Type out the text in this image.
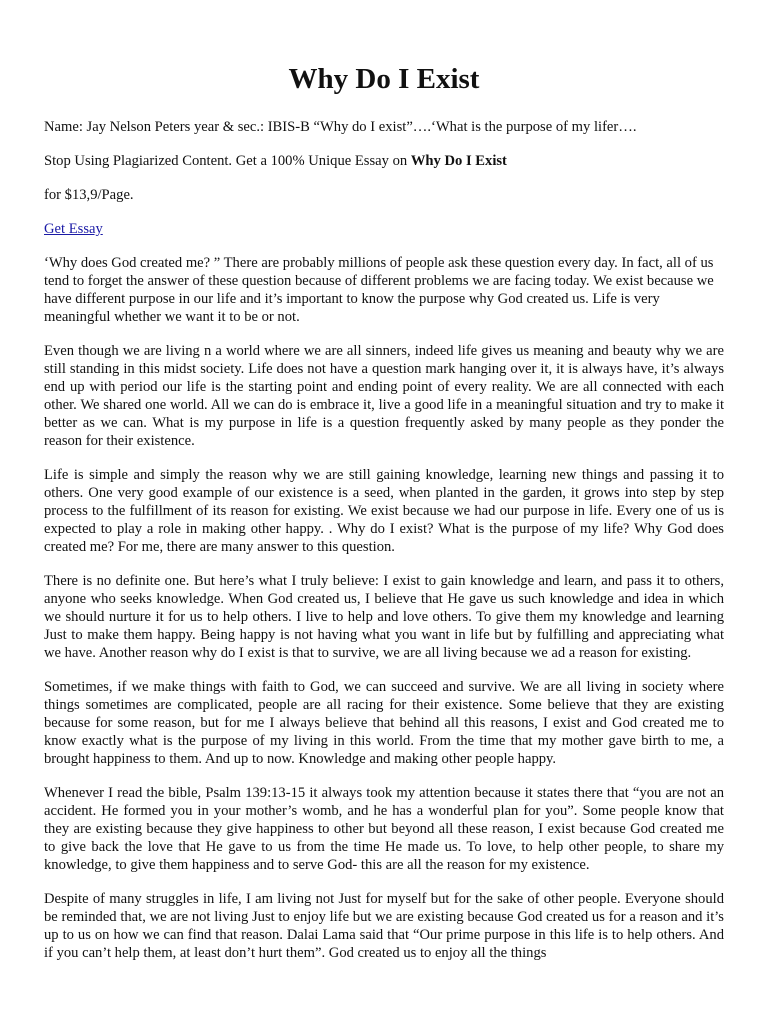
Why Do I Exist

Name: Jay Nelson Peters year & sec.: IBIS-B “Why do I exist”….‘What is the purpose of my lifer….

Stop Using Plagiarized Content. Get a 100% Unique Essay on Why Do I Exist

for $13,9/Page.

Get Essay

‘Why does God created me? ” There are probably millions of people ask these question every day. In fact, all of us tend to forget the answer of these question because of different problems we are facing today. We exist because we have different purpose in our life and it’s important to know the purpose why God created us. Life is very meaningful whether we want it to be or not.

Even though we are living n a world where we are all sinners, indeed life gives us meaning and beauty why we are still standing in this midst society. Life does not have a question mark hanging over it, it is always have, it’s always end up with period our life is the starting point and ending point of every reality. We are all connected with each other. We shared one world. All we can do is embrace it, live a good life in a meaningful situation and try to make it better as we can. What is my purpose in life is a question frequently asked by many people as they ponder the reason for their existence.

Life is simple and simply the reason why we are still gaining knowledge, learning new things and passing it to others. One very good example of our existence is a seed, when planted in the garden, it grows into step by step process to the fulfillment of its reason for existing. We exist because we had our purpose in life. Every one of us is expected to play a role in making other happy. . Why do I exist? What is the purpose of my life? Why God does created me? For me, there are many answer to this question.

There is no definite one. But here’s what I truly believe: I exist to gain knowledge and learn, and pass it to others, anyone who seeks knowledge. When God created us, I believe that He gave us such knowledge and idea in which we should nurture it for us to help others. I live to help and love others. To give them my knowledge and learning Just to make them happy. Being happy is not having what you want in life but by fulfilling and appreciating what we have. Another reason why do I exist is that to survive, we are all living because we ad a reason for existing.

Sometimes, if we make things with faith to God, we can succeed and survive. We are all living in society where things sometimes are complicated, people are all racing for their existence. Some believe that they are existing because for some reason, but for me I always believe that behind all this reasons, I exist and God created me to know exactly what is the purpose of my living in this world. From the time that my mother gave birth to me, a brought happiness to them. And up to now. Knowledge and making other people happy.

Whenever I read the bible, Psalm 139:13-15 it always took my attention because it states there that “you are not an accident. He formed you in your mother’s womb, and he has a wonderful plan for you”. Some people know that they are existing because they give happiness to other but beyond all these reason, I exist because God created me to give back the love that He gave to us from the time He made us. To love, to help other people, to share my knowledge, to give them happiness and to serve God- this are all the reason for my existence.

Despite of many struggles in life, I am living not Just for myself but for the sake of other people. Everyone should be reminded that, we are not living Just to enjoy life but we are existing because God created us for a reason and it’s up to us on how we can find that reason. Dalai Lama said that “Our prime purpose in this life is to help others. And if you can’t help them, at least don’t hurt them”. God created us to enjoy all the things
